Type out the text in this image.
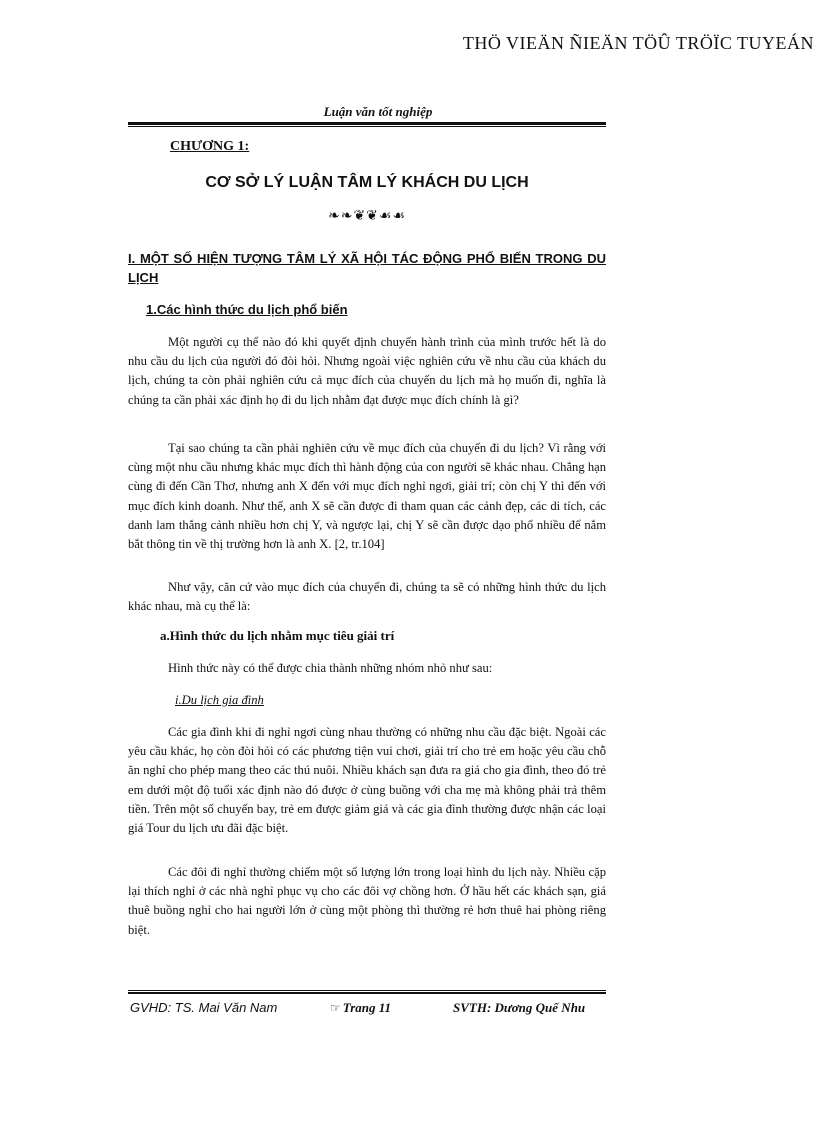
THÖ VIEÄN ÑIEÄN TÖÛ TRÖÏC TUYEÁN
Luận văn tốt nghiệp
CHƯƠNG 1:
CƠ SỞ LÝ LUẬN TÂM LÝ KHÁCH DU LỊCH
❧❧❦❦☙☙
I. MỘT SỐ HIỆN TƯỢNG TÂM LÝ XÃ HỘI TÁC ĐỘNG PHỔ BIẾN TRONG DU LỊCH
1.Các hình thức du lịch phổ biến

Một người cụ thể nào đó khi quyết định chuyến hành trình của mình trước hết là do nhu cầu du lịch của người đó đòi hỏi. Nhưng ngoài việc nghiên cứu về nhu cầu của khách du lịch, chúng ta còn phải nghiên cứu cả mục đích của chuyến du lịch mà họ muốn đi, nghĩa là chúng ta cần phải xác định họ đi du lịch nhằm đạt được mục đích chính là gì?

Tại sao chúng ta cần phải nghiên cứu về mục đích của chuyến đi du lịch? Vì rằng với cùng một nhu cầu nhưng khác mục đích thì hành động của con người sẽ khác nhau. Chẳng hạn cùng đi đến Cần Thơ, nhưng anh X đến với mục đích nghỉ ngơi, giải trí; còn chị Y thì đến với mục đích kinh doanh. Như thế, anh X sẽ cần được đi tham quan các cảnh đẹp, các di tích, các danh lam thắng cảnh nhiều hơn chị Y, và ngược lại, chị Y sẽ cần được dạo phố nhiều để nắm bắt thông tin về thị trường hơn là anh X. [2, tr.104]

Như vậy, căn cứ vào mục đích của chuyến đi, chúng ta sẽ có những hình thức du lịch khác nhau, mà cụ thể là:

a.Hình thức du lịch nhằm mục tiêu giải trí
Hình thức này có thể được chia thành những nhóm nhỏ như sau:
i.Du lịch gia đình

Các gia đình khi đi nghỉ ngơi cùng nhau thường có những nhu cầu đặc biệt. Ngoài các yêu cầu khác, họ còn đòi hỏi có các phương tiện vui chơi, giải trí cho trẻ em hoặc yêu cầu chỗ ăn nghỉ cho phép mang theo các thú nuôi. Nhiều khách sạn đưa ra giá cho gia đình, theo đó trẻ em dưới một độ tuổi xác định nào đó được ở cùng buồng với cha mẹ mà không phải trả thêm tiền. Trên một số chuyến bay, trẻ em được giảm giá và các gia đình thường được nhận các loại giá Tour du lịch ưu đãi đặc biệt.

Các đôi đi nghỉ thường chiếm một số lượng lớn trong loại hình du lịch này. Nhiều cặp lại thích nghỉ ở các nhà nghỉ phục vụ cho các đôi vợ chồng hơn. Ở hầu hết các khách sạn, giá thuê buồng nghỉ cho hai người lớn ở cùng một phòng thì thường rẻ hơn thuê hai phòng riêng biệt.

GVHD: TS. Mai Văn Nam	☞ Trang 11	SVTH: Dương Quế Nhu
